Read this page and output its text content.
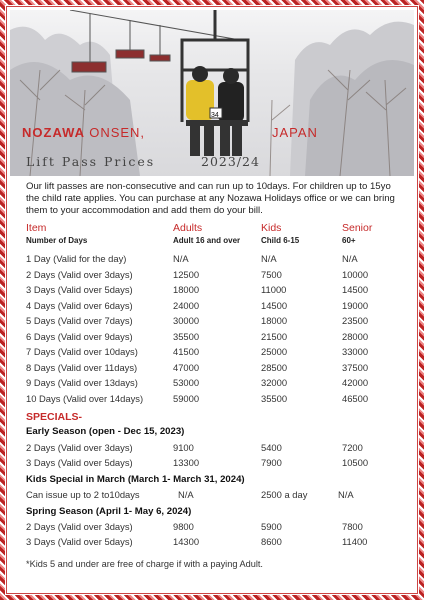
34
NOZAWA ONSEN,	JAPAN
Lift Pass Prices	2023/24
Our lift passes are non-consecutive and can run up to 10days. For children up to 15yo the child rate applies. You can purchase at any Nozawa Holidays office or we can bring them to your accommodation and add them do your bill.
Item	Adults	Kids	Senior
Number of Days	Adult 16 and over	Child 6-15	60+
1 Day (Valid for the day)	N/A	N/A	N/A
2 Days (Valid over 3days)	12500	7500	10000
3 Days (Valid over 5days)	18000	11000	14500
4 Days (Valid over 6days)	24000	14500	19000
5 Days (Valid over 7days)	30000	18000	23500
6 Days (Valid over 9days)	35500	21500	28000
7 Days (Valid over 10days)	41500	25000	33000
8 Days (Valid over 11days)	47000	28500	37500
9 Days (Valid over 13days)	53000	32000	42000
10 Days (Valid over 14days)	59000	35500	46500
SPECIALS-
Early Season (open - Dec 15, 2023)
2 Days (Valid over 3days)	9100	5400	7200
3 Days (Valid over 5days)	13300	7900	10500
Kids Special in March (March 1- March 31, 2024)
Can issue up to 2 to10days	N/A	2500 a day	N/A
Spring Season (April 1- May 6, 2024)
2 Days (Valid over 3days)	9800	5900	7800
3 Days (Valid over 5days)	14300	8600	11400
*Kids 5 and under are free of charge if with a paying Adult.
